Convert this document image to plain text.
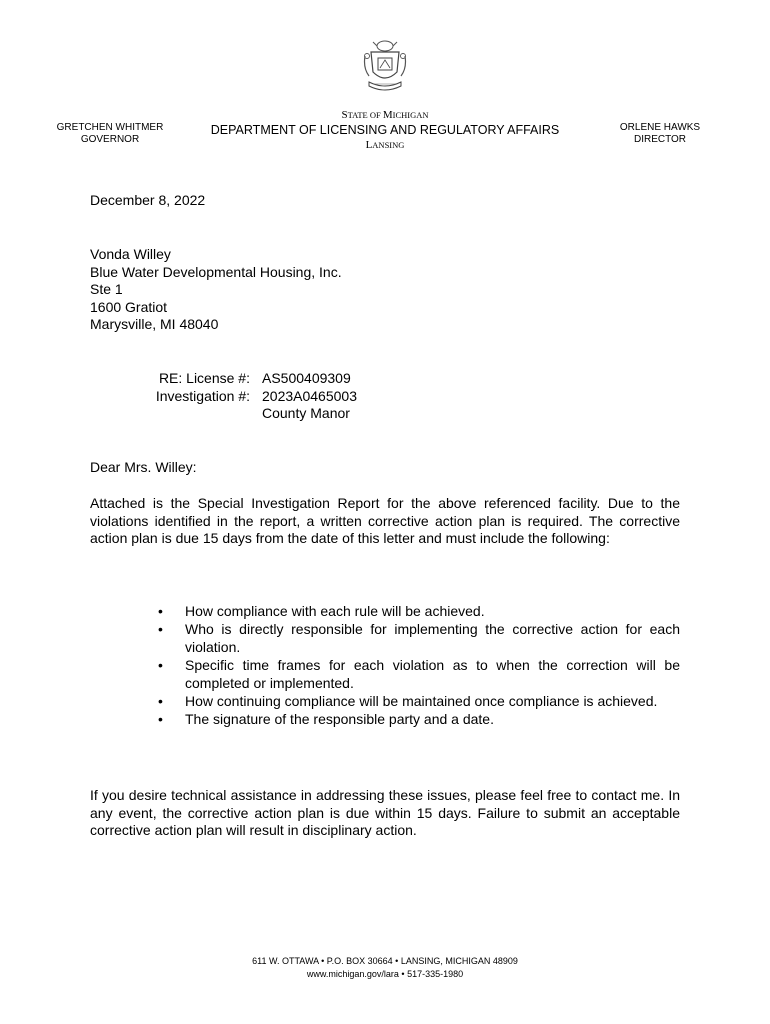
GRETCHEN WHITMER
GOVERNOR
STATE OF MICHIGAN
DEPARTMENT OF LICENSING AND REGULATORY AFFAIRS
LANSING
ORLENE HAWKS
DIRECTOR
December 8, 2022
Vonda Willey
Blue Water Developmental Housing, Inc.
Ste 1
1600 Gratiot
Marysville, MI 48040
RE: License #: AS500409309
Investigation #: 2023A0465003
County Manor
Dear Mrs. Willey:
Attached is the Special Investigation Report for the above referenced facility. Due to the violations identified in the report, a written corrective action plan is required. The corrective action plan is due 15 days from the date of this letter and must include the following:
• How compliance with each rule will be achieved.
• Who is directly responsible for implementing the corrective action for each violation.
• Specific time frames for each violation as to when the correction will be completed or implemented.
• How continuing compliance will be maintained once compliance is achieved.
• The signature of the responsible party and a date.
If you desire technical assistance in addressing these issues, please feel free to contact me. In any event, the corrective action plan is due within 15 days. Failure to submit an acceptable corrective action plan will result in disciplinary action.
611 W. OTTAWA • P.O. BOX 30664 • LANSING, MICHIGAN 48909
www.michigan.gov/lara • 517-335-1980
